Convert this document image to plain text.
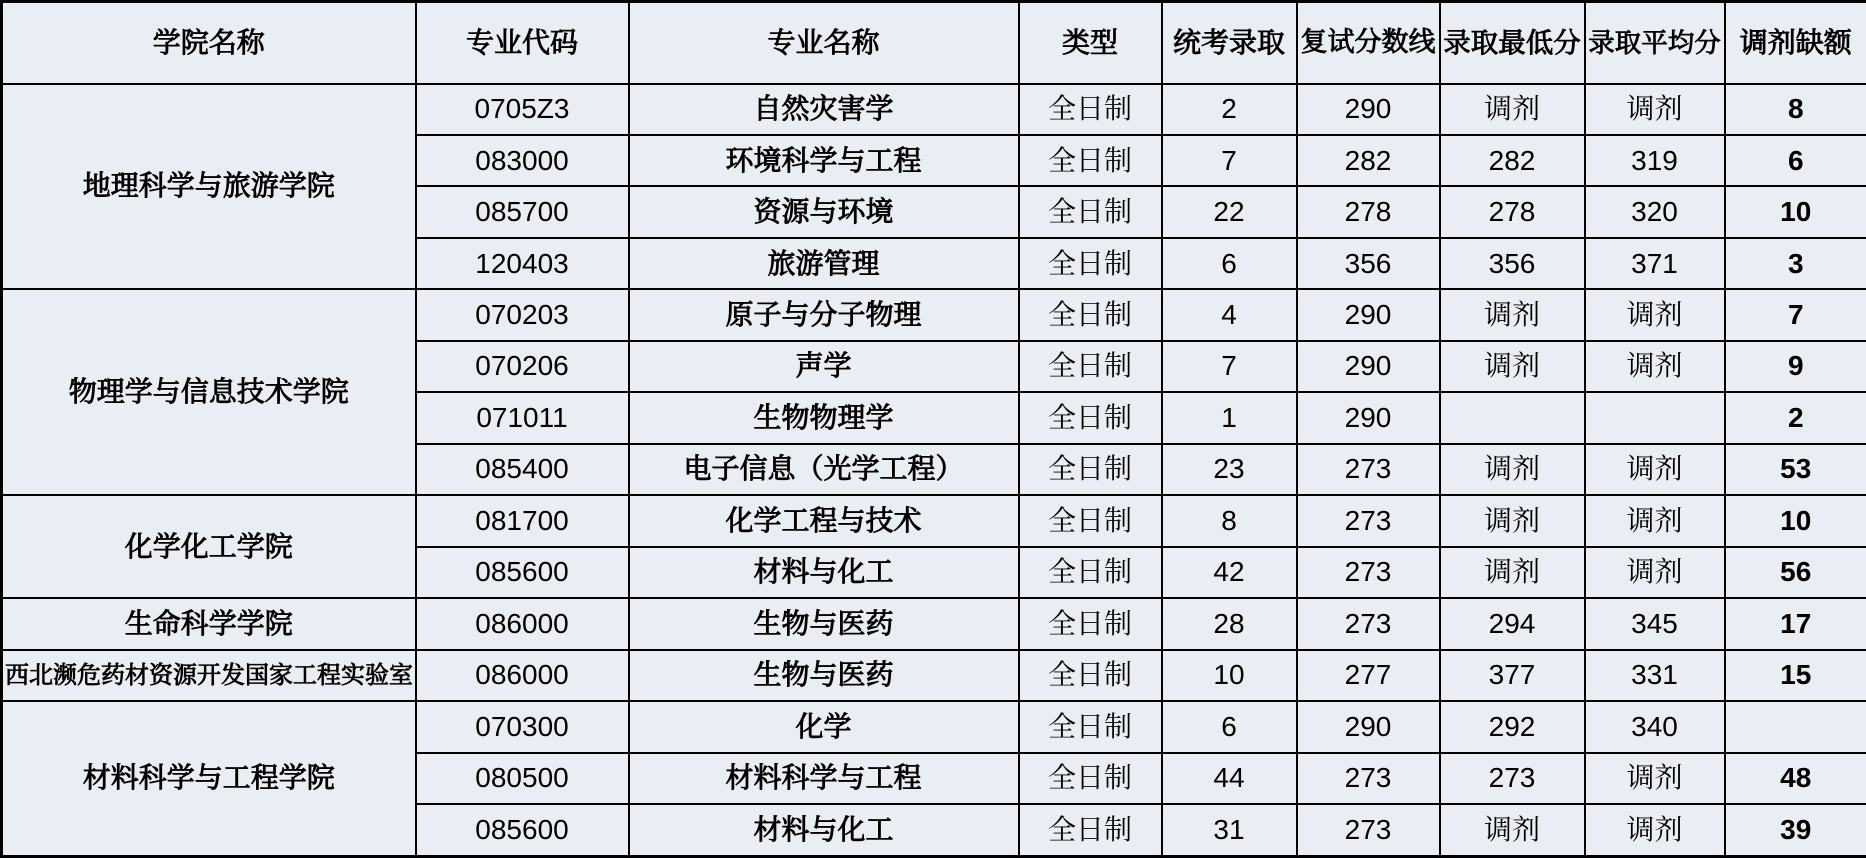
学院名称	专业代码	专业名称	类型	统考录取	复试分数线	录取最低分	录取平均分	调剂缺额
地理科学与旅游学院	0705Z3	自然灾害学	全日制	2	290	调剂	调剂	8
	083000	环境科学与工程	全日制	7	282	282	319	6
	085700	资源与环境	全日制	22	278	278	320	10
	120403	旅游管理	全日制	6	356	356	371	3
物理学与信息技术学院	070203	原子与分子物理	全日制	4	290	调剂	调剂	7
	070206	声学	全日制	7	290	调剂	调剂	9
	071011	生物物理学	全日制	1	290			2
	085400	电子信息（光学工程）	全日制	23	273	调剂	调剂	53
化学化工学院	081700	化学工程与技术	全日制	8	273	调剂	调剂	10
	085600	材料与化工	全日制	42	273	调剂	调剂	56
生命科学学院	086000	生物与医药	全日制	28	273	294	345	17
西北濒危药材资源开发国家工程实验室	086000	生物与医药	全日制	10	277	377	331	15
材料科学与工程学院	070300	化学	全日制	6	290	292	340	
	080500	材料科学与工程	全日制	44	273	273	调剂	48
	085600	材料与化工	全日制	31	273	调剂	调剂	39
